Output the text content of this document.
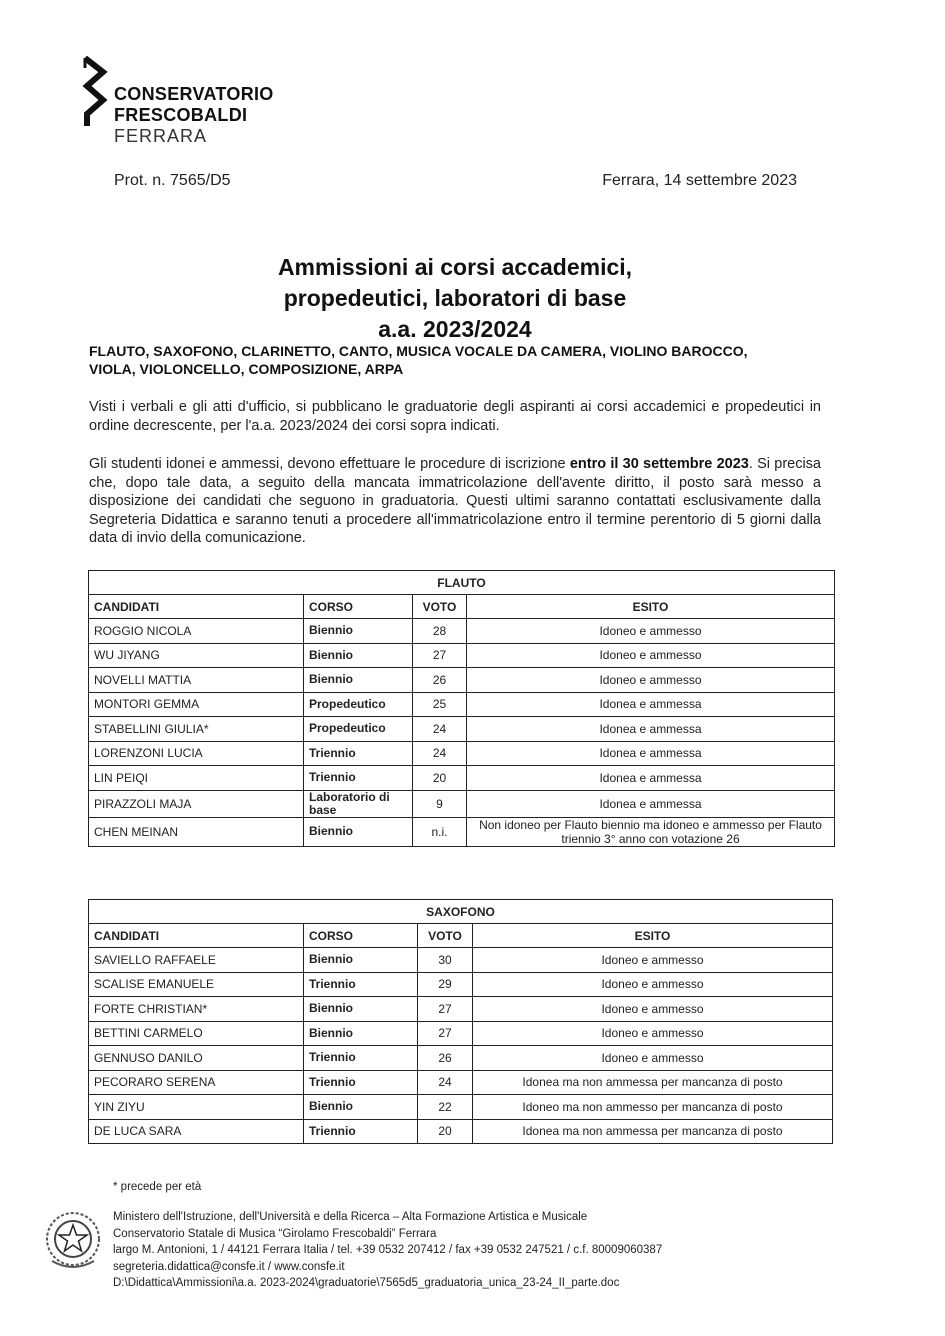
CONSERVATORIO
FRESCOBALDI
FERRARA
Prot. n. 7565/D5	Ferrara, 14 settembre 2023
Ammissioni ai corsi accademici,
propedeutici, laboratori di base
a.a. 2023/2024
FLAUTO, SAXOFONO, CLARINETTO, CANTO, MUSICA VOCALE DA CAMERA, VIOLINO BAROCCO,
VIOLA, VIOLONCELLO, COMPOSIZIONE, ARPA
Visti i verbali e gli atti d'ufficio, si pubblicano le graduatorie degli aspiranti ai corsi accademici e propedeutici in ordine decrescente, per l'a.a. 2023/2024 dei corsi sopra indicati.
Gli studenti idonei e ammessi, devono effettuare le procedure di iscrizione entro il 30 settembre 2023. Si precisa che, dopo tale data, a seguito della mancata immatricolazione dell'avente diritto, il posto sarà messo a disposizione dei candidati che seguono in graduatoria. Questi ultimi saranno contattati esclusivamente dalla Segreteria Didattica e saranno tenuti a procedere all'immatricolazione entro il termine perentorio di 5 giorni dalla data di invio della comunicazione.
FLAUTO			
CANDIDATI	CORSO	VOTO	ESITO
ROGGIO NICOLA	Biennio	28	Idoneo e ammesso
WU JIYANG	Biennio	27	Idoneo e ammesso
NOVELLI MATTIA	Biennio	26	Idoneo e ammesso
MONTORI GEMMA	Propedeutico	25	Idonea e ammessa
STABELLINI GIULIA*	Propedeutico	24	Idonea e ammessa
LORENZONI LUCIA	Triennio	24	Idonea e ammessa
LIN PEIQI	Triennio	20	Idonea e ammessa
PIRAZZOLI MAJA	Laboratorio di base	9	Idonea e ammessa
CHEN MEINAN	Biennio	n.i.	Non idoneo per Flauto biennio ma idoneo e ammesso per Flauto triennio 3° anno con votazione 26
SAXOFONO			
CANDIDATI	CORSO	VOTO	ESITO
SAVIELLO RAFFAELE	Biennio	30	Idoneo e ammesso
SCALISE EMANUELE	Triennio	29	Idoneo e ammesso
FORTE CHRISTIAN*	Biennio	27	Idoneo e ammesso
BETTINI CARMELO	Biennio	27	Idoneo e ammesso
GENNUSO DANILO	Triennio	26	Idoneo e ammesso
PECORARO SERENA	Triennio	24	Idonea ma non ammessa per mancanza di posto
YIN ZIYU	Biennio	22	Idoneo ma non ammesso per mancanza di posto
DE LUCA SARA	Triennio	20	Idonea ma non ammessa per mancanza di posto
* precede per età
Ministero dell'Istruzione, dell'Università e della Ricerca – Alta Formazione Artistica e Musicale
Conservatorio Statale di Musica “Girolamo Frescobaldi” Ferrara
largo M. Antonioni, 1 / 44121 Ferrara Italia / tel. +39 0532 207412 / fax +39 0532 247521 / c.f. 80009060387
segreteria.didattica@consfe.it / www.consfe.it
D:\Didattica\Ammissioni\a.a. 2023-2024\graduatorie\7565d5_graduatoria_unica_23-24_II_parte.doc
